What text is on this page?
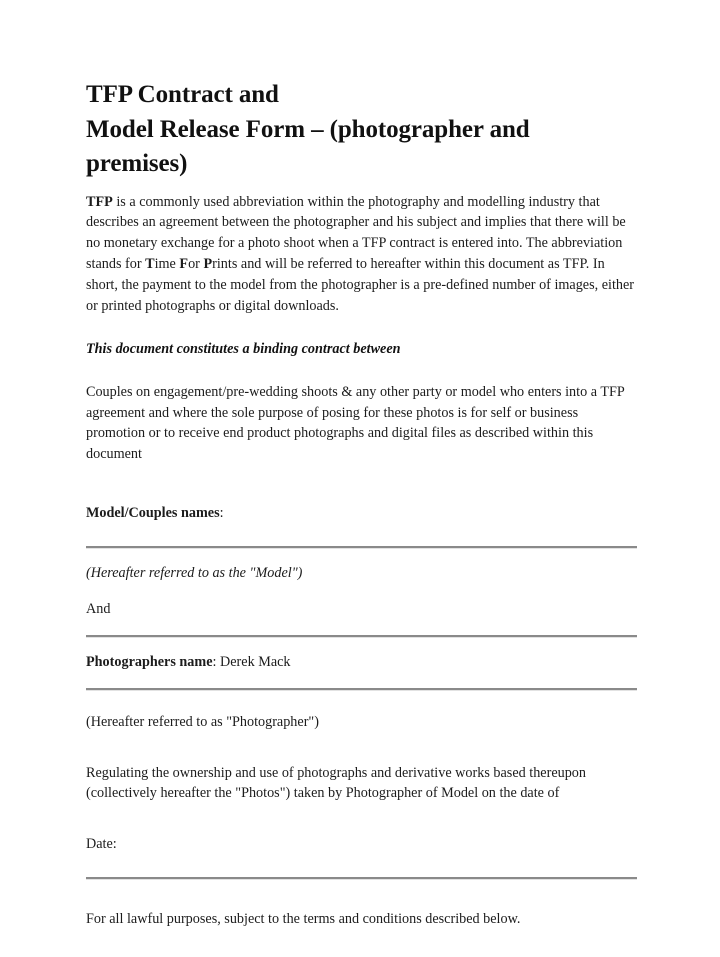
TFP Contract and
Model Release Form – (photographer and
premises)

TFP is a commonly used abbreviation within the photography and modelling industry that describes an agreement between the photographer and his subject and implies that there will be no monetary exchange for a photo shoot when a TFP contract is entered into. The abbreviation stands for Time For Prints and will be referred to hereafter within this document as TFP. In short, the payment to the model from the photographer is a pre-defined number of images, either or printed photographs or digital downloads.

This document constitutes a binding contract between

Couples on engagement/pre-wedding shoots & any other party or model who enters into a TFP agreement and where the sole purpose of posing for these photos is for self or business promotion or to receive end product photographs and digital files as described within this document

Model/Couples names:

(Hereafter referred to as the "Model")

And

Photographers name: Derek Mack

(Hereafter referred to as "Photographer")

Regulating the ownership and use of photographs and derivative works based thereupon (collectively hereafter the "Photos") taken by Photographer of Model on the date of

Date:

For all lawful purposes, subject to the terms and conditions described below.
